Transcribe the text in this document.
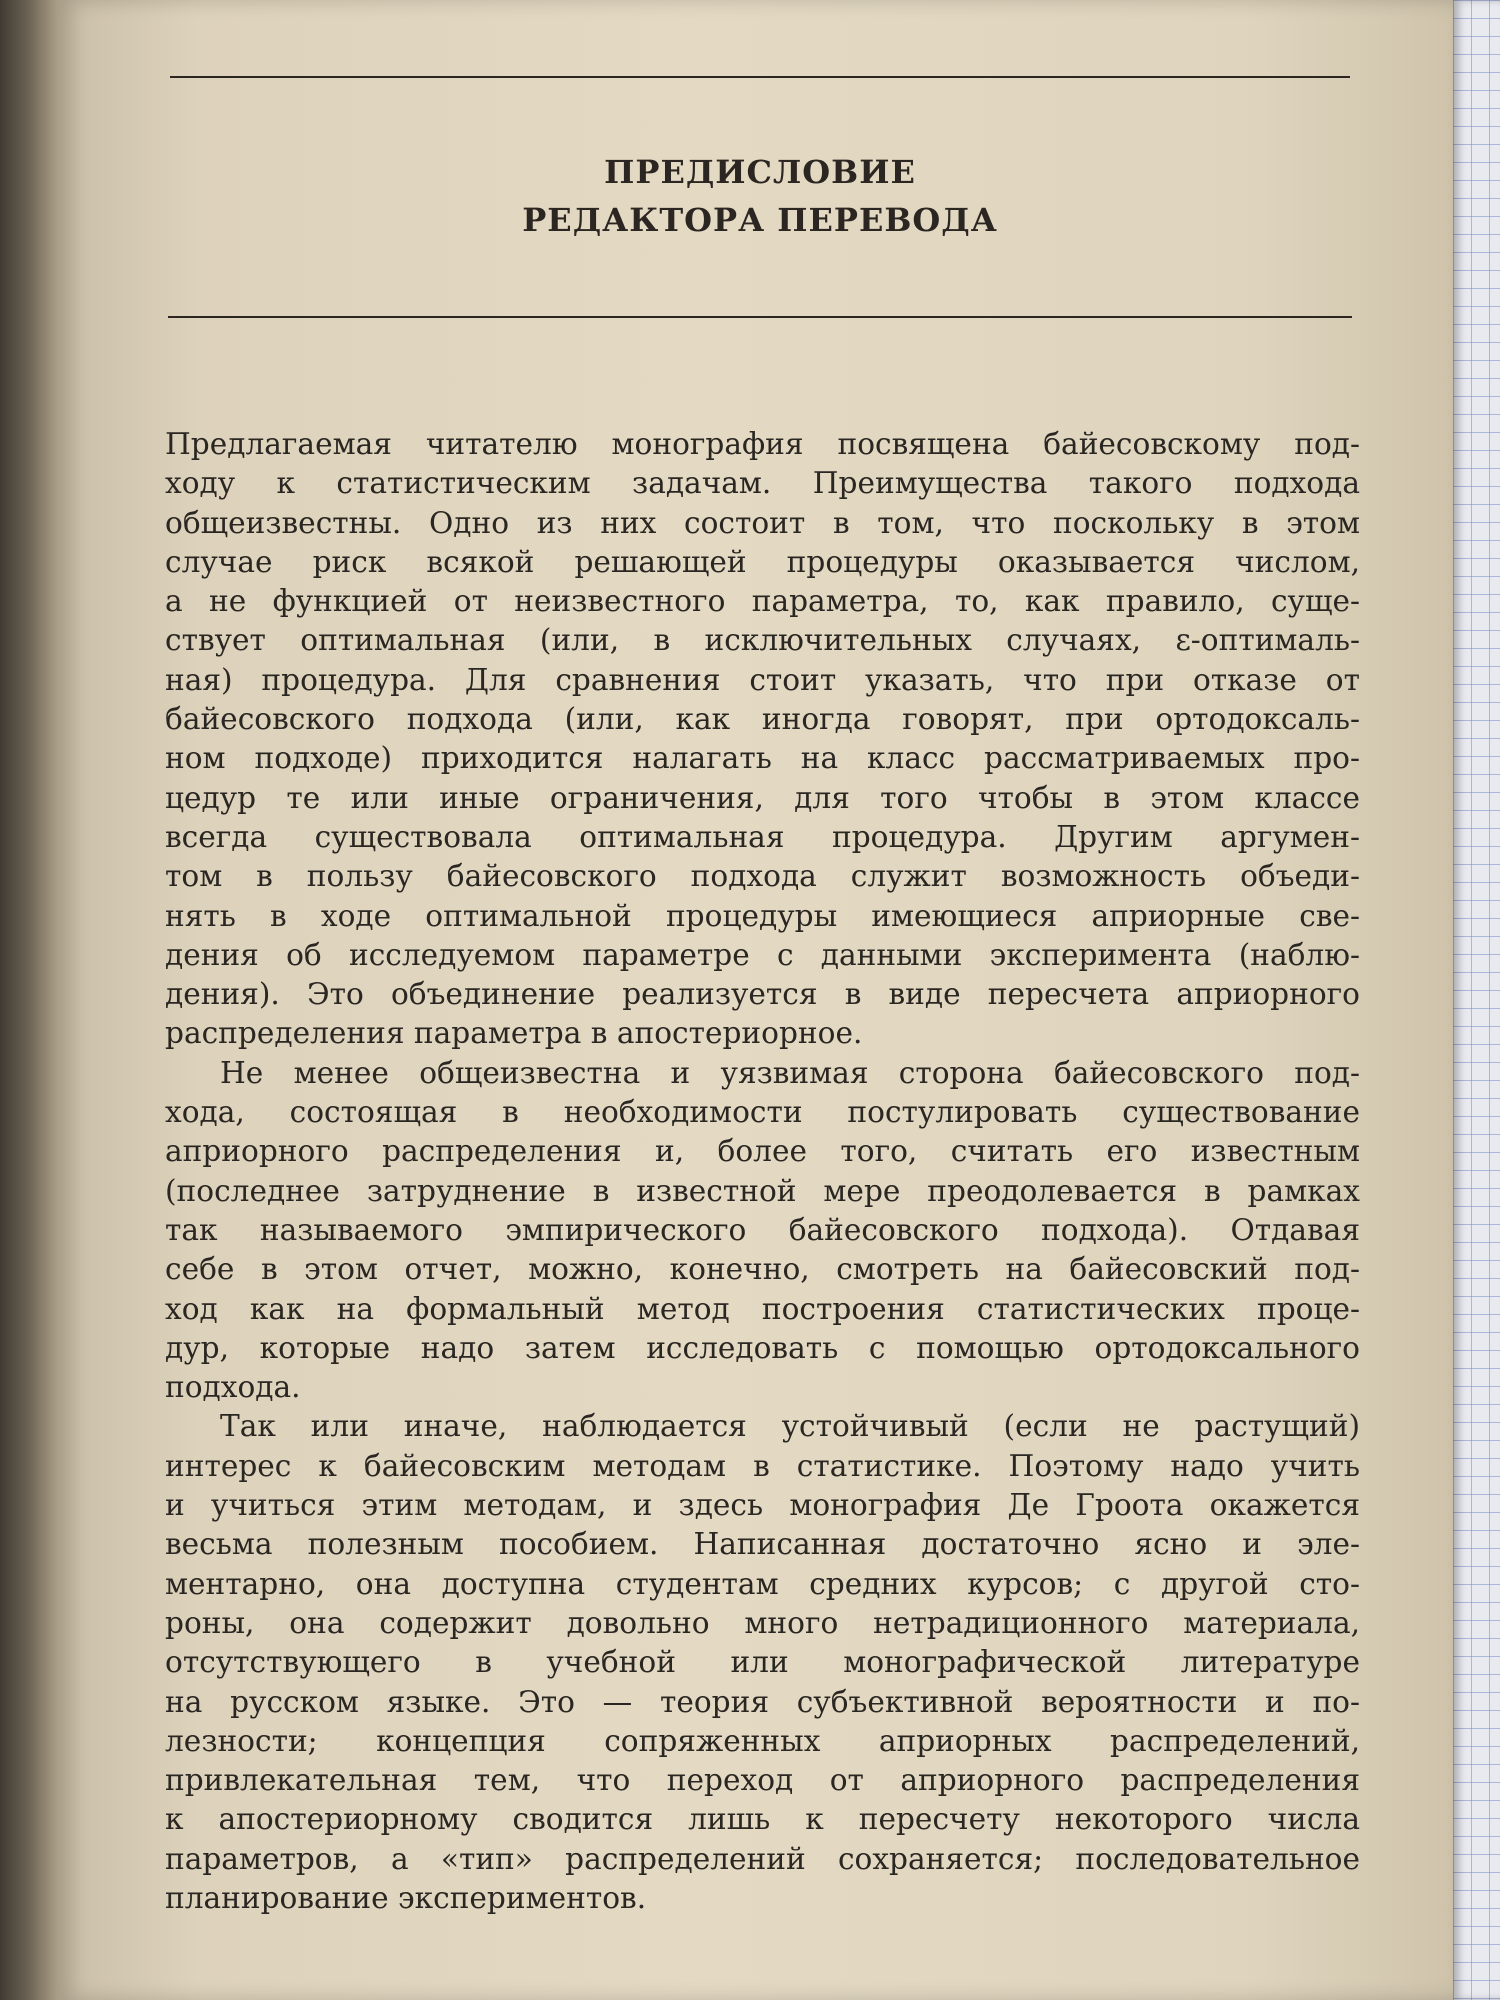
ПРЕДИСЛОВИЕ
РЕДАКТОРА ПЕРЕВОДА
Предлагаемая читателю монография посвящена байесовскому под-
ходу к статистическим задачам. Преимущества такого подхода
общеизвестны. Одно из них состоит в том, что поскольку в этом
случае риск всякой решающей процедуры оказывается числом,
а не функцией от неизвестного параметра, то, как правило, суще-
ствует оптимальная (или, в исключительных случаях, ε-оптималь-
ная) процедура. Для сравнения стоит указать, что при отказе от
байесовского подхода (или, как иногда говорят, при ортодоксаль-
ном подходе) приходится налагать на класс рассматриваемых про-
цедур те или иные ограничения, для того чтобы в этом классе
всегда существовала оптимальная процедура. Другим аргумен-
том в пользу байесовского подхода служит возможность объеди-
нять в ходе оптимальной процедуры имеющиеся априорные све-
дения об исследуемом параметре с данными эксперимента (наблю-
дения). Это объединение реализуется в виде пересчета априорного
распределения параметра в апостериорное.
Не менее общеизвестна и уязвимая сторона байесовского под-
хода, состоящая в необходимости постулировать существование
априорного распределения и, более того, считать его известным
(последнее затруднение в известной мере преодолевается в рамках
так называемого эмпирического байесовского подхода). Отдавая
себе в этом отчет, можно, конечно, смотреть на байесовский под-
ход как на формальный метод построения статистических проце-
дур, которые надо затем исследовать с помощью ортодоксального
подхода.
Так или иначе, наблюдается устойчивый (если не растущий)
интерес к байесовским методам в статистике. Поэтому надо учить
и учиться этим методам, и здесь монография Де Гроота окажется
весьма полезным пособием. Написанная достаточно ясно и эле-
ментарно, она доступна студентам средних курсов; с другой сто-
роны, она содержит довольно много нетрадиционного материала,
отсутствующего в учебной или монографической литературе
на русском языке. Это — теория субъективной вероятности и по-
лезности; концепция сопряженных априорных распределений,
привлекательная тем, что переход от априорного распределения
к апостериорному сводится лишь к пересчету некоторого числа
параметров, а «тип» распределений сохраняется; последовательное
планирование экспериментов.
